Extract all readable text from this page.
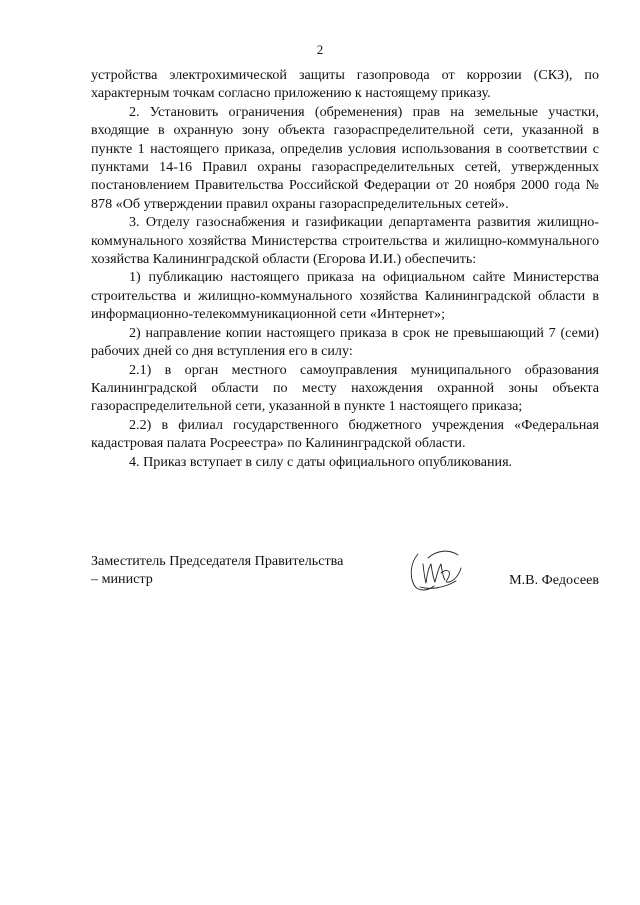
2

устройства электрохимической защиты газопровода от коррозии (СКЗ), по характерным точкам согласно приложению к настоящему приказу.

2. Установить ограничения (обременения) прав на земельные участки, входящие в охранную зону объекта газораспределительной сети, указанной в пункте 1 настоящего приказа, определив условия использования в соответствии с пунктами 14-16 Правил охраны газораспределительных сетей, утвержденных постановлением Правительства Российской Федерации от 20 ноября 2000 года № 878 «Об утверждении правил охраны газораспределительных сетей».

3. Отделу газоснабжения и газификации департамента развития жилищно-коммунального хозяйства Министерства строительства и жилищно-коммунального хозяйства Калининградской области (Егорова И.И.) обеспечить:

1) публикацию настоящего приказа на официальном сайте Министерства строительства и жилищно-коммунального хозяйства Калининградской области в информационно-телекоммуникационной сети «Интернет»;

2) направление копии настоящего приказа в срок не превышающий 7 (семи) рабочих дней со дня вступления его в силу:

2.1) в орган местного самоуправления муниципального образования Калининградской области по месту нахождения охранной зоны объекта газораспределительной сети, указанной в пункте 1 настоящего приказа;

2.2) в филиал государственного бюджетного учреждения «Федеральная кадастровая палата Росреестра» по Калининградской области.

4. Приказ вступает в силу с даты официального опубликования.

Заместитель Председателя Правительства – министр	М.В. Федосеев
